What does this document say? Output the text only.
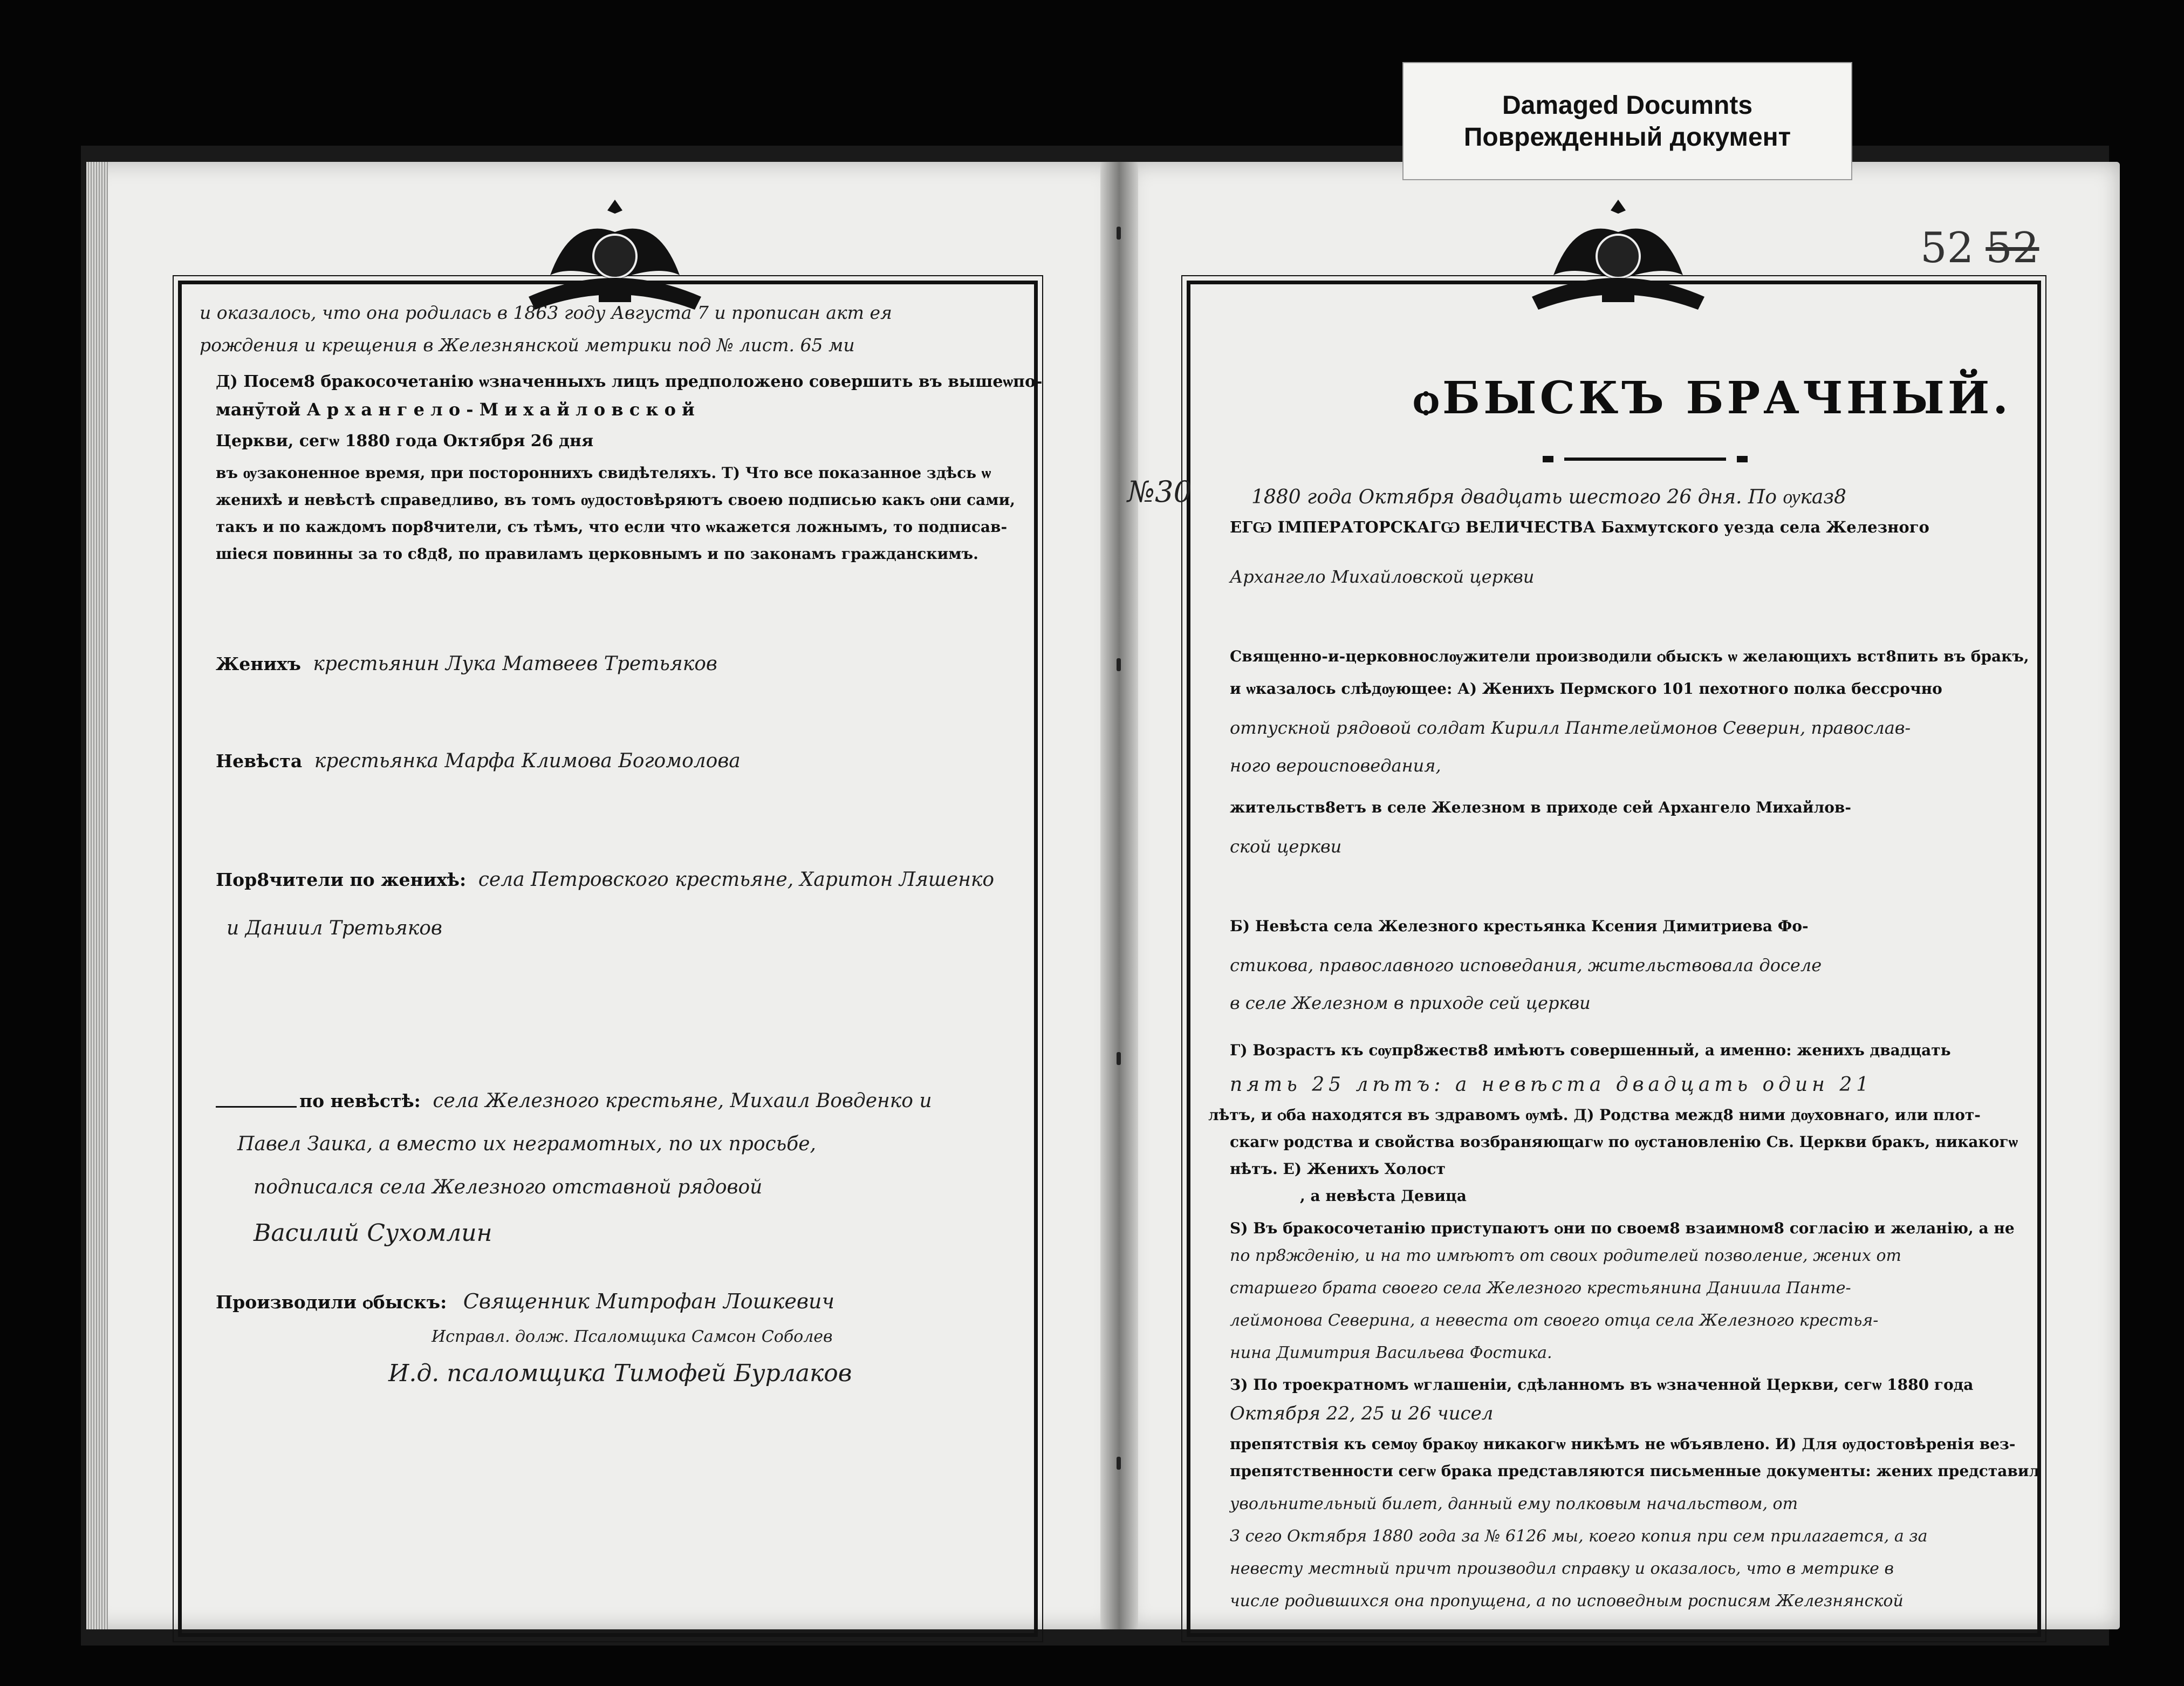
Damaged Documnts
Поврежденный документ
52 52
и оказалось, что она родилась в 1863 году Августа 7 и прописан акт ея
рождения и крещения в Железнянской метрики под № лист. 65 ми
Д) Посем8 бракосочетанію ѡзначенныхъ лицъ предположено совершить въ вышеѡпо-
манӯтой А р х а н г е л о - М и х а й л о в с к о й
Церкви, сегѡ 1880 года Октября 26 дня
въ ѹзаконенное время, при постороннихъ свидѣтеляхъ. Т) Что все показанное здѣсь ѡ
женихѣ и невѣстѣ справедливо, въ томъ ѹдостовѣряютъ своею подписью какъ ѻни сами,
такъ и по каждомъ пор8чители, съ тѣмъ, что если что ѡкажется ложнымъ, то подписав-
шіеся повинны за то с8д8, по правиламъ церковнымъ и по законамъ гражданскимъ.
Женихъ крестьянин Лука Матвеев Третьяков
Невѣста крестьянка Марфа Климова Богомолова
Пор8чители по женихѣ: села Петровского крестьяне, Харитон Ляшенко
и Даниил Третьяков
по невѣстѣ: села Железного крестьяне, Михаил Вовденко и
Павел Заика, а вместо их неграмотных, по их просьбе,
подписался села Железного отставной рядовой
Василий Сухомлин
Производили ѻбыскъ: Священник Митрофан Лошкевич
Исправл. долж. Псаломщика Самсон Соболев
И.д. псаломщика Тимофей Бурлаков
ѻБЫСКЪ БРАЧНЫЙ.
№30	1880 года Октября двадцать шестого 26 дня. По ѹказ8
ЕГѠ ІМПЕРАТОРСКАГѠ ВЕЛИЧЕСТВА Бахмутского уезда села Железного
Архангело Михайловской церкви
Священно-и-церковнослѹжители производили ѻбыскъ ѡ желающихъ вст8пить въ бракъ,
и ѡказалось слѣдѹющее: А) Женихъ Пермского 101 пехотного полка бессрочно
отпускной рядовой солдат Кирилл Пантелеймонов Северин, православ-
ного вероисповедания,
жительств8етъ в селе Железном в приходе сей Архангело Михайлов-
ской церкви
Б) Невѣста села Железного крестьянка Ксения Димитриева Фо-
стикова, православного исповедания, жительствовала доселе
в селе Железном в приходе сей церкви
Г) Возрастъ къ сѹпр8жеств8 имѣютъ совершенный, а именно: женихъ двадцать
пять 25 лѣтъ: а невѣста двадцать один 21
лѣтъ, и ѻба находятся въ здравомъ ѹмѣ. Д) Родства межд8 ними дѹховнаго, или плот-
скагѡ родства и свойства возбраняющагѡ по ѹстановленію Св. Церкви бракъ, никакогѡ
нѣтъ. Е) Женихъ Холост
, а невѣста Девица
Ѕ) Въ бракосочетанію приступаютъ ѻни по своем8 взаимном8 согласію и желанію, а не
по пр8жденію, и на то имѣютъ от своих родителей позволение, жених от
старшего брата своего села Железного крестьянина Даниила Панте-
леймонова Северина, а невеста от своего отца села Железного крестья-
нина Димитрия Васильева Фостика.
З) По троекратномъ ѡглашеніи, сдѣланномъ въ ѡзначенной Церкви, сегѡ 1880 года
Октября 22, 25 и 26 чисел
препятствія къ семѹ бракѹ никакогѡ никѣмъ не ѡбъявлено. И) Для ѹдостовѣренія вез-
препятственности сегѡ брака представляются письменные документы: жених представил
увольнительный билет, данный ему полковым начальством, от
3 сего Октября 1880 года за № 6126 мы, коего копия при сем прилагается, а за
невесту местный причт производил справку и оказалось, что в метрике в
числе родившихся она пропущена, а по исповедным росписям Железнянской
